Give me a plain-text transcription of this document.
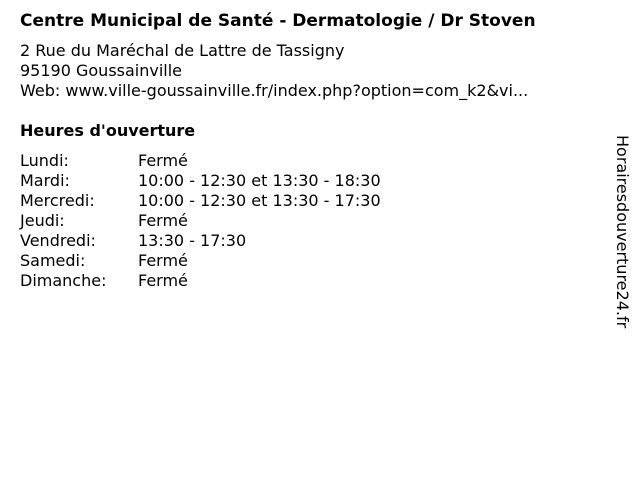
Centre Municipal de Santé - Dermatologie / Dr Stoven
2 Rue du Maréchal de Lattre de Tassigny
95190 Goussainville
Web: www.ville-goussainville.fr/index.php?option=com_k2&vi...
Heures d'ouverture
Lundi:	Fermé
Mardi:	10:00 - 12:30 et 13:30 - 18:30
Mercredi:	10:00 - 12:30 et 13:30 - 17:30
Jeudi:	Fermé
Vendredi:	13:30 - 17:30
Samedi:	Fermé
Dimanche:	Fermé	Horairesdouverture24.fr
